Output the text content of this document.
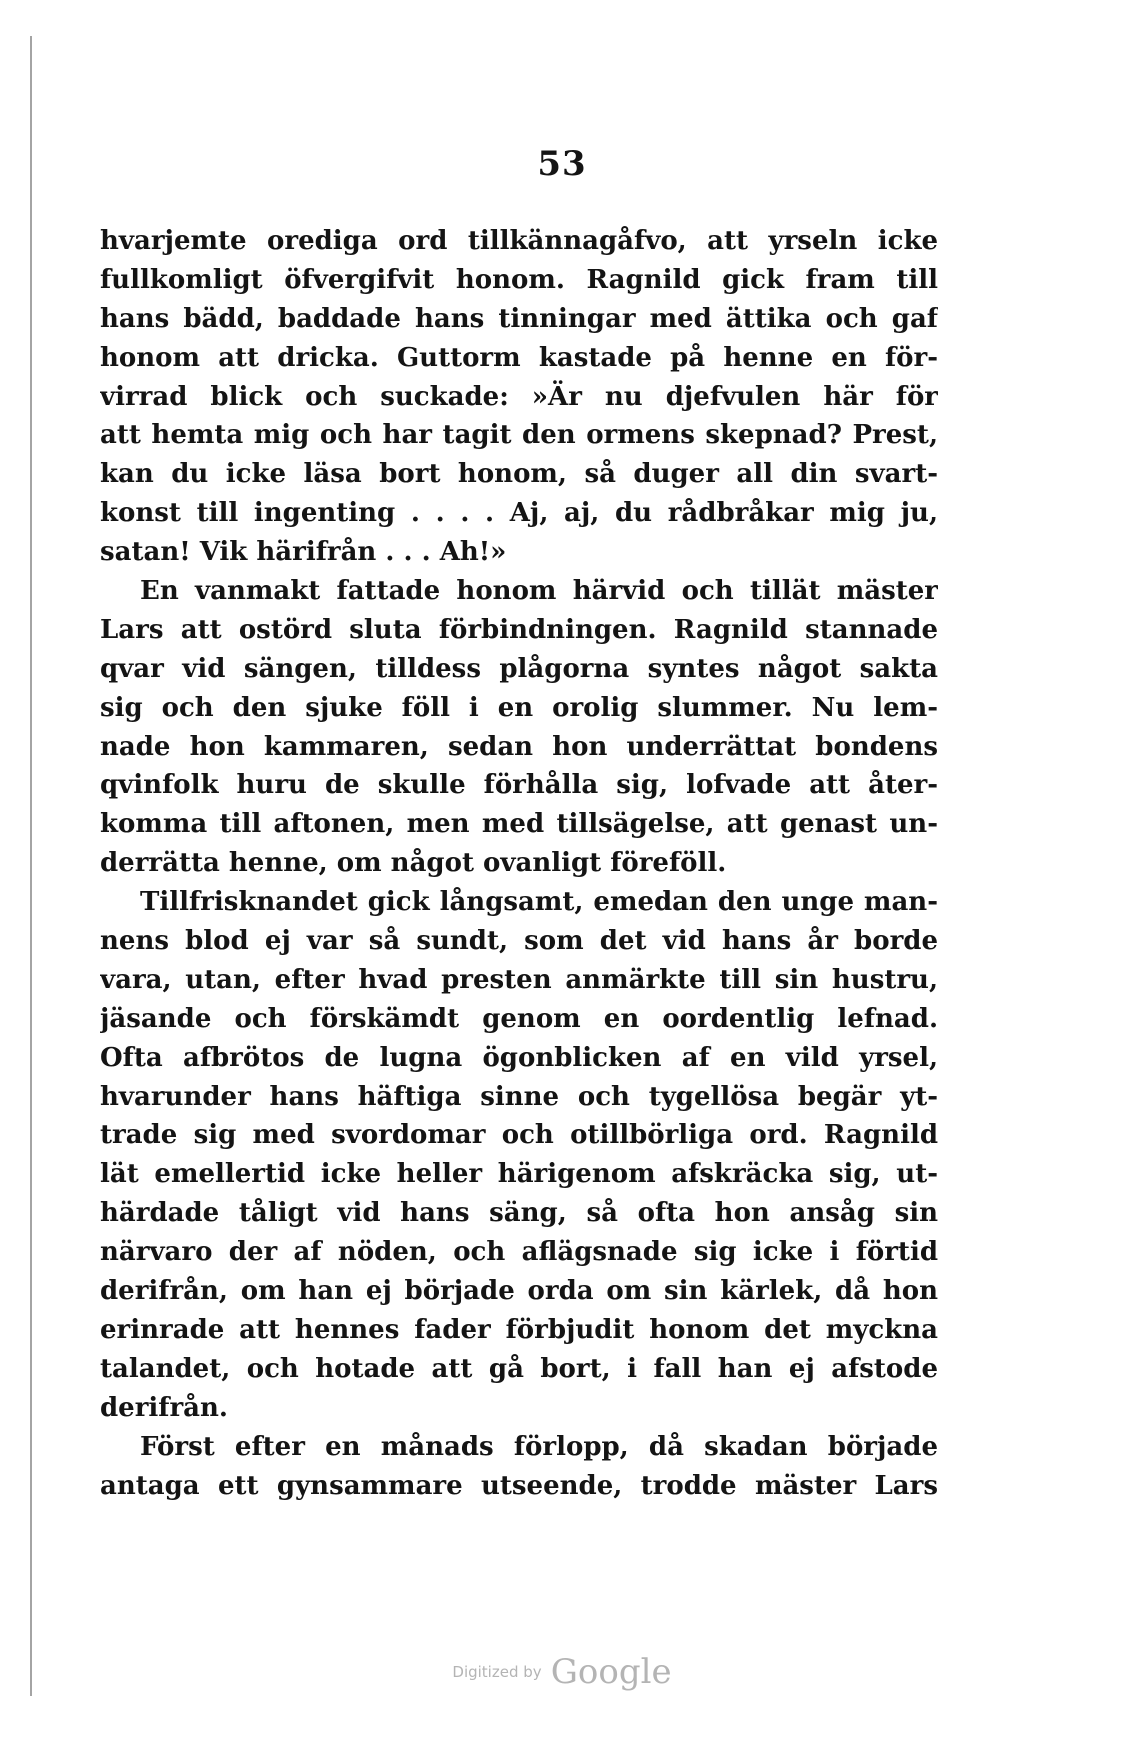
53
hvarjemte oredigа ord tillkännagåfvo, att yrseln icke
fullkomligt öfvergifvit honom. Ragnild gick fram till
hans bädd, baddade hans tinningar med ättika och gaf
honom att dricka. Guttorm kastade på henne en för-
virrad blick och suckade: »Är nu djefvulen här för
att hemta mig och har tagit den ormens skepnad? Prest,
kan du icke läsa bort honom, så duger all din svart-
konst till ingenting . . . . Aj, aj, du rådbråkar mig ju,
satan! Vik härifrån . . . Ah!»
En vanmakt fattade honom härvid och tillät mäster
Lars att ostörd sluta förbindningen. Ragnild stannade
qvar vid sängen, tilldess plågorna syntes något sakta
sig och den sjuke föll i en orolig slummer. Nu lem-
nade hon kammaren, sedan hon underrättat bondens
qvinfolk huru de skulle förhålla sig, lofvade att åter-
komma till aftonen, men med tillsägelse, att genast un-
derrätta henne, om något ovanligt föreföll.
Tillfrisknandet gick långsamt, emedan den unge man-
nens blod ej var så sundt, som det vid hans år borde
vara, utan, efter hvad presten anmärkte till sin hustru,
jäsande och förskämdt genom en oordentlig lefnad.
Ofta afbrötos de lugna ögonblicken af en vild yrsel,
hvarunder hans häftiga sinne och tygellösa begär yt-
trade sig med svordomar och otillbörliga ord. Ragnild
lät emellertid icke heller härigenom afskräcka sig, ut-
härdade tåligt vid hans säng, så ofta hon ansåg sin
närvaro der af nöden, och aflägsnade sig icke i förtid
derifrån, om han ej började orda om sin kärlek, då hon
erinrade att hennes fader förbjudit honom det myckna
talandet, och hotade att gå bort, i fall han ej afstode
derifrån.
Först efter en månads förlopp, då skadan började
antaga ett gynsammare utseende, trodde mäster Lars
Digitized by Google
